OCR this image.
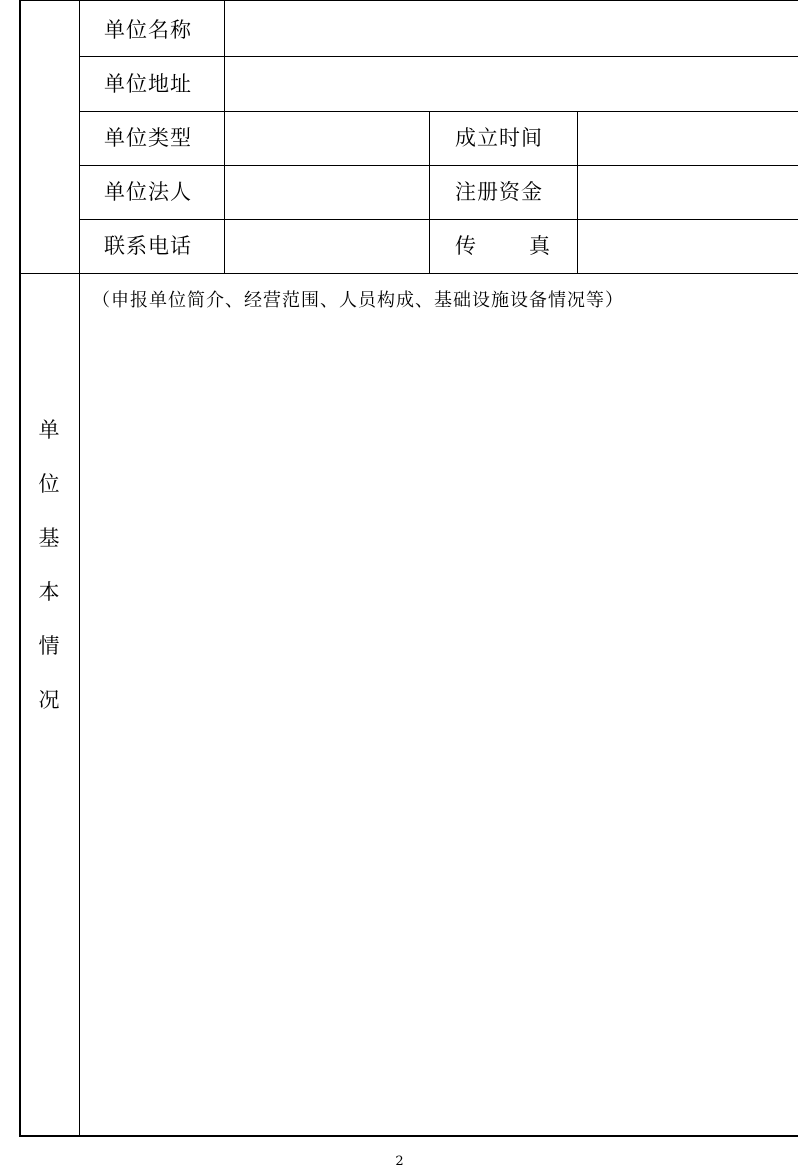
单位名称
单位地址
单位类型	成立时间
单位法人	注册资金
联系电话	传 真
单
位
基
本
情
况
（申报单位简介、经营范围、人员构成、基础设施设备情况等）
2
